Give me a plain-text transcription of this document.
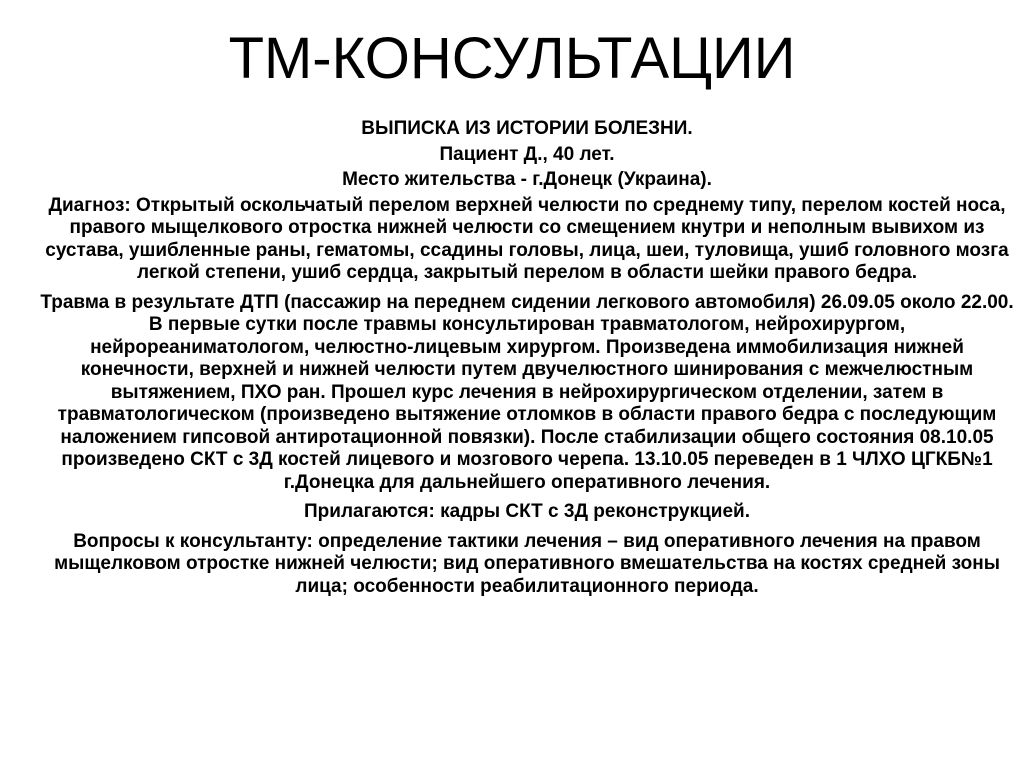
ТМ-КОНСУЛЬТАЦИИ

ВЫПИСКА ИЗ ИСТОРИИ БОЛЕЗНИ.

Пациент Д., 40 лет.

Место жительства - г.Донецк (Украина).

Диагноз: Открытый оскольчатый перелом верхней челюсти по среднему типу, перелом костей носа, правого мыщелкового отростка нижней челюсти со смещением кнутри и неполным вывихом из сустава, ушибленные раны, гематомы, ссадины головы, лица, шеи, туловища, ушиб головного мозга легкой степени, ушиб сердца, закрытый перелом в области шейки правого бедра.

Травма в результате ДТП (пассажир на переднем сидении легкового автомобиля) 26.09.05 около 22.00. В первые сутки после травмы консультирован травматологом, нейрохирургом, нейрореаниматологом, челюстно-лицевым хирургом. Произведена иммобилизация нижней конечности, верхней и нижней челюсти путем двучелюстного шинирования с межчелюстным вытяжением, ПХО ран. Прошел курс лечения в нейрохирургическом отделении, затем в травматологическом (произведено вытяжение отломков в области правого бедра с последующим наложением гипсовой антиротационной повязки). После стабилизации общего состояния 08.10.05 произведено СКТ с 3Д костей лицевого и мозгового черепа. 13.10.05 переведен в 1 ЧЛХО ЦГКБ№1 г.Донецка для дальнейшего оперативного лечения.

Прилагаются: кадры СКТ с 3Д реконструкцией.

Вопросы к консультанту: определение тактики лечения – вид оперативного лечения на правом мыщелковом отростке нижней челюсти; вид оперативного вмешательства на костях средней зоны лица; особенности реабилитационного периода.
